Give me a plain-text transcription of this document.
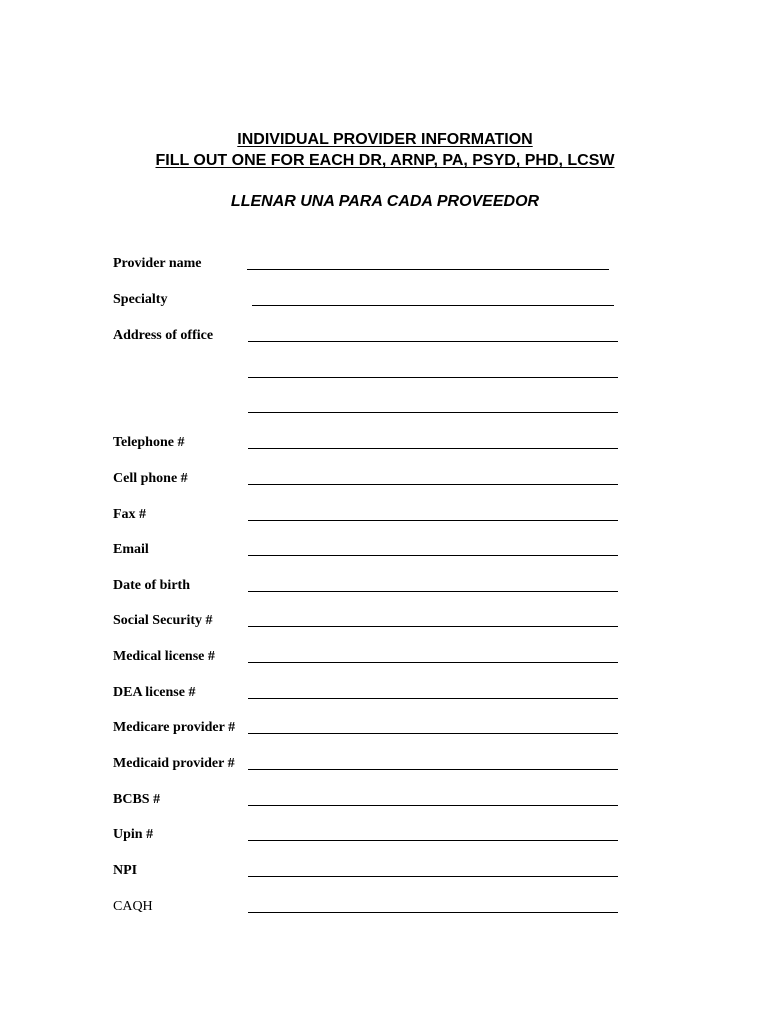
INDIVIDUAL PROVIDER INFORMATION
FILL OUT ONE FOR EACH DR, ARNP, PA, PSYD, PHD, LCSW
LLENAR UNA PARA CADA PROVEEDOR
Provider name
Specialty
Address of office
Telephone #
Cell phone #
Fax #
Email
Date of birth
Social Security #
Medical license #
DEA license #
Medicare provider #
Medicaid provider #
BCBS #
Upin #
NPI
CAQH
